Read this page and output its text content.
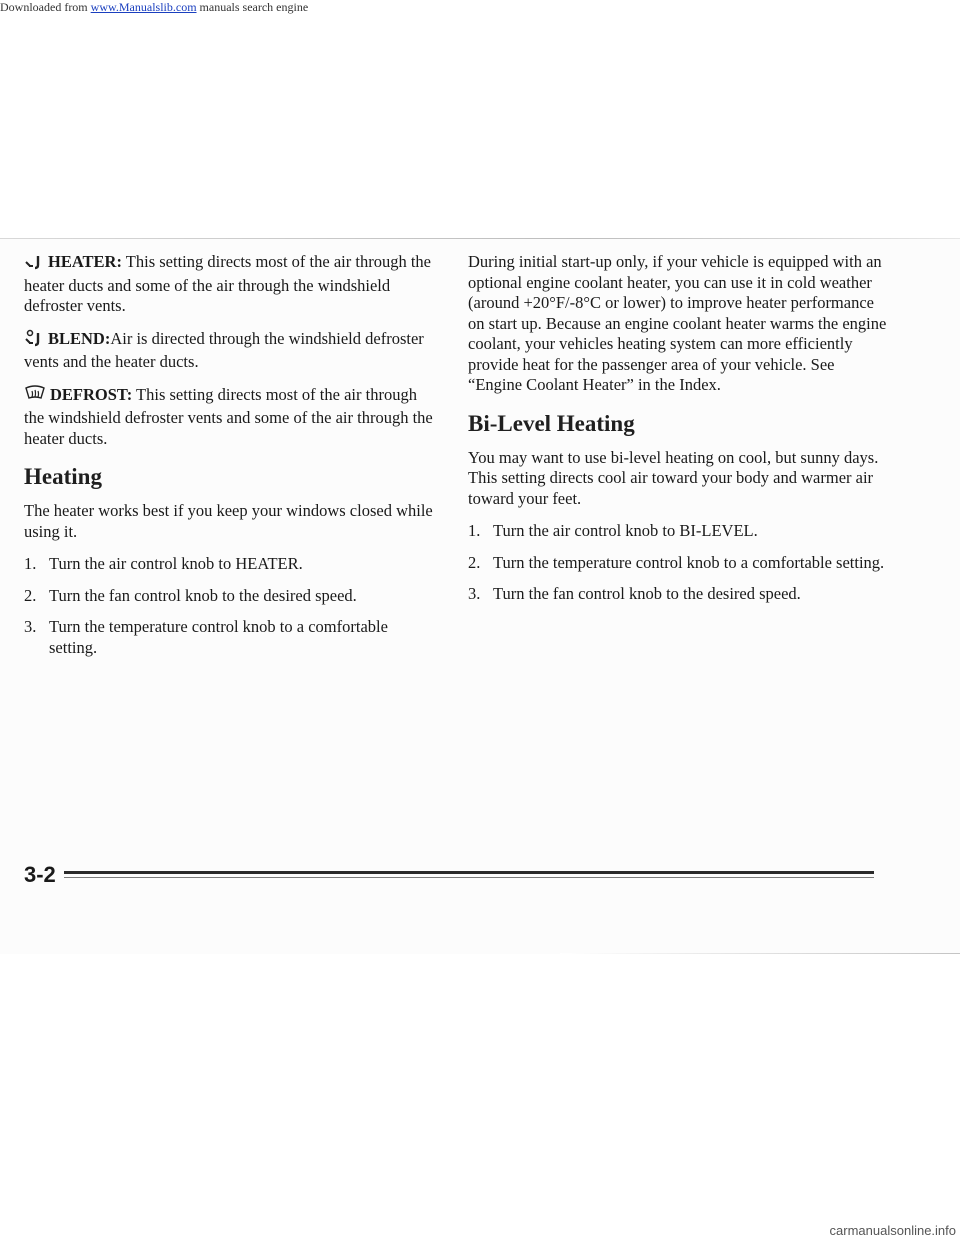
Downloaded from www.Manualslib.com manuals search engine

HEATER: This setting directs most of the air through the heater ducts and some of the air through the windshield defroster vents.

BLEND:Air is directed through the windshield defroster vents and the heater ducts.

DEFROST: This setting directs most of the air through the windshield defroster vents and some of the air through the heater ducts.

Heating

The heater works best if you keep your windows closed while using it.

1. Turn the air control knob to HEATER.
2. Turn the fan control knob to the desired speed.
3. Turn the temperature control knob to a comfortable setting.

During initial start-up only, if your vehicle is equipped with an optional engine coolant heater, you can use it in cold weather (around +20°F/-8°C or lower) to improve heater performance on start up. Because an engine coolant heater warms the engine coolant, your vehicles heating system can more efficiently provide heat for the passenger area of your vehicle. See “Engine Coolant Heater” in the Index.

Bi-Level Heating

You may want to use bi-level heating on cool, but sunny days. This setting directs cool air toward your body and warmer air toward your feet.

1. Turn the air control knob to BI-LEVEL.
2. Turn the temperature control knob to a comfortable setting.
3. Turn the fan control knob to the desired speed.
3-2
carmanualsonline.info
